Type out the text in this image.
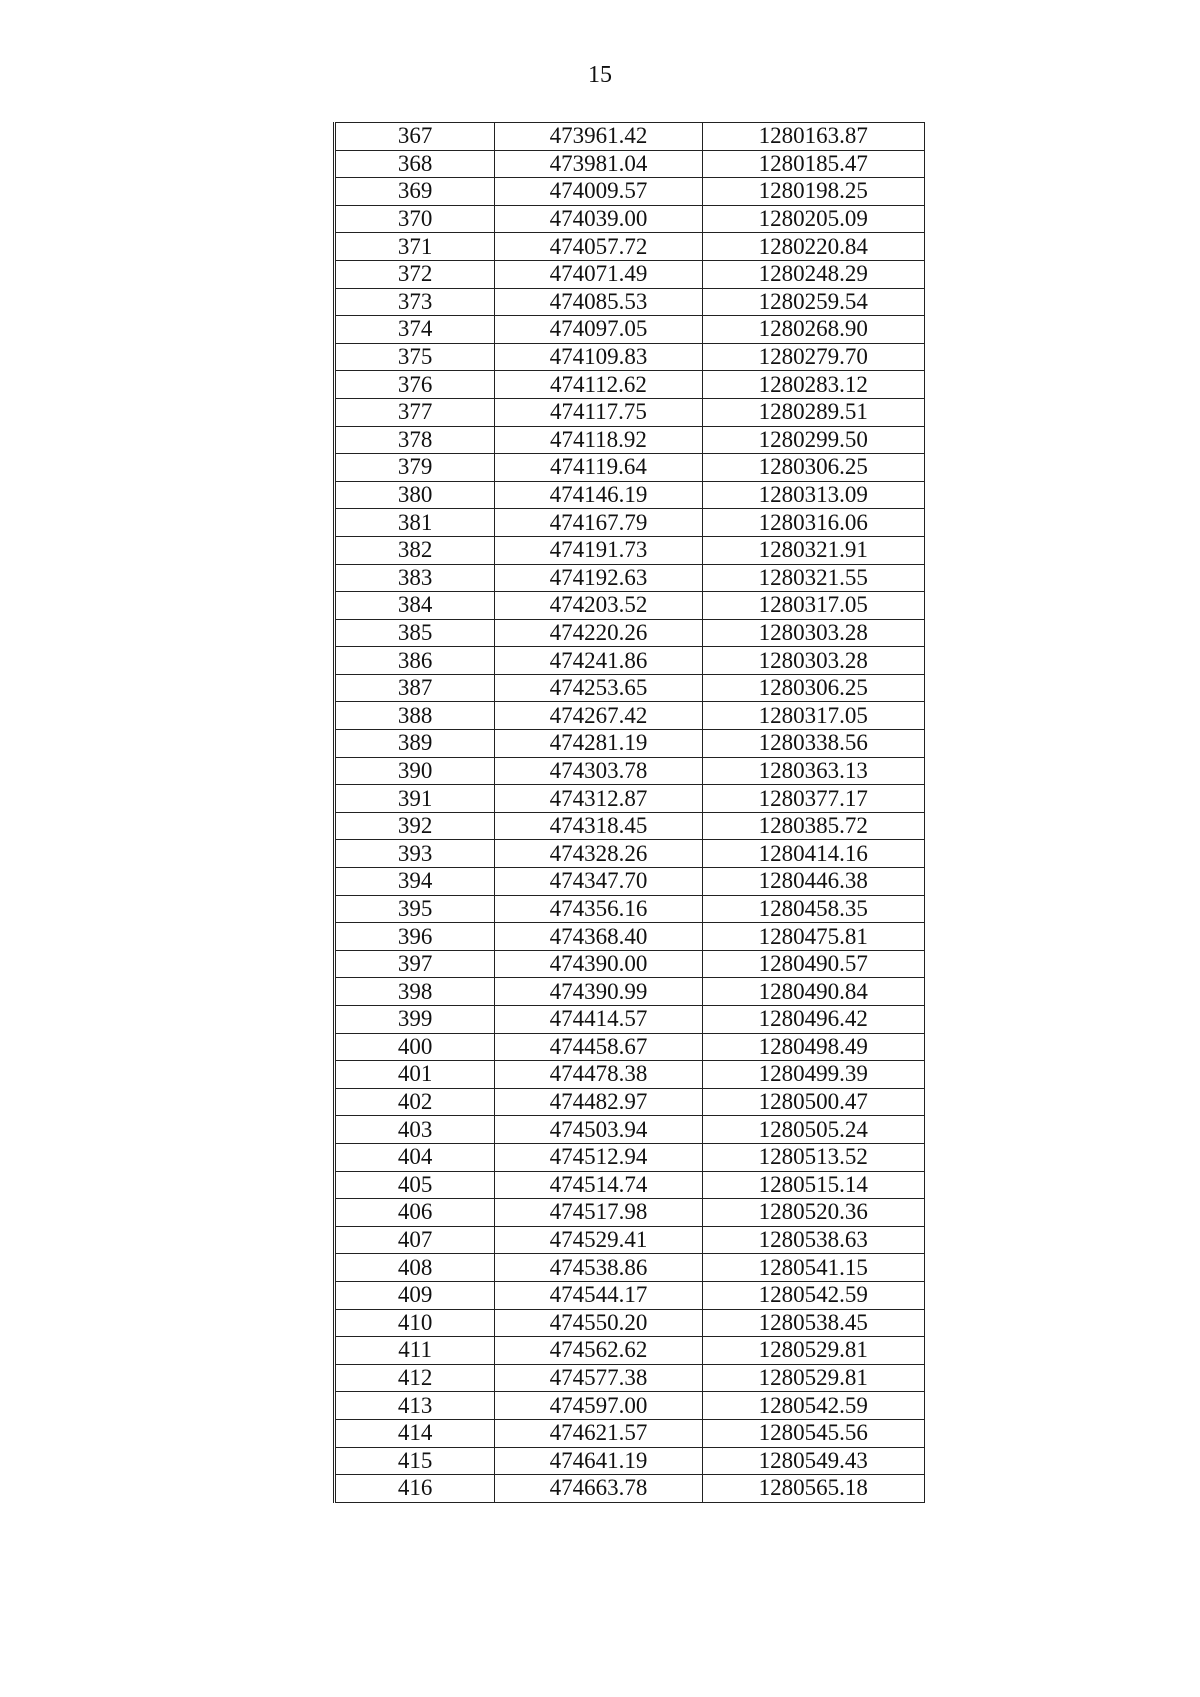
15
367	473961.42	1280163.87
368	473981.04	1280185.47
369	474009.57	1280198.25
370	474039.00	1280205.09
371	474057.72	1280220.84
372	474071.49	1280248.29
373	474085.53	1280259.54
374	474097.05	1280268.90
375	474109.83	1280279.70
376	474112.62	1280283.12
377	474117.75	1280289.51
378	474118.92	1280299.50
379	474119.64	1280306.25
380	474146.19	1280313.09
381	474167.79	1280316.06
382	474191.73	1280321.91
383	474192.63	1280321.55
384	474203.52	1280317.05
385	474220.26	1280303.28
386	474241.86	1280303.28
387	474253.65	1280306.25
388	474267.42	1280317.05
389	474281.19	1280338.56
390	474303.78	1280363.13
391	474312.87	1280377.17
392	474318.45	1280385.72
393	474328.26	1280414.16
394	474347.70	1280446.38
395	474356.16	1280458.35
396	474368.40	1280475.81
397	474390.00	1280490.57
398	474390.99	1280490.84
399	474414.57	1280496.42
400	474458.67	1280498.49
401	474478.38	1280499.39
402	474482.97	1280500.47
403	474503.94	1280505.24
404	474512.94	1280513.52
405	474514.74	1280515.14
406	474517.98	1280520.36
407	474529.41	1280538.63
408	474538.86	1280541.15
409	474544.17	1280542.59
410	474550.20	1280538.45
411	474562.62	1280529.81
412	474577.38	1280529.81
413	474597.00	1280542.59
414	474621.57	1280545.56
415	474641.19	1280549.43
416	474663.78	1280565.18
